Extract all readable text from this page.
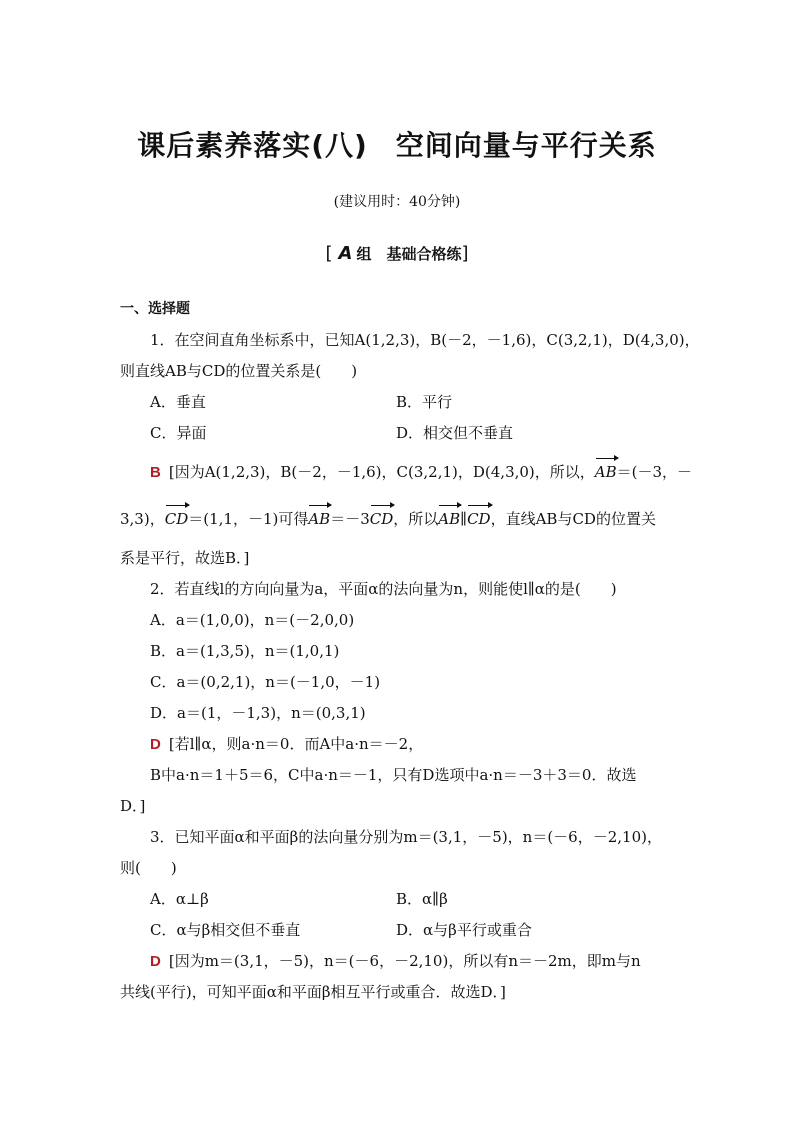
课后素养落实(八) 空间向量与平行关系
(建议用时：40分钟)
[ A 组　基础合格练]
一、选择题
1．在空间直角坐标系中，已知A(1,2,3)，B(－2，－1,6)，C(3,2,1)，D(4,3,0)，
则直线AB与CD的位置关系是(　　)
A．垂直	B．平行
C．异面	D．相交但不垂直
B [因为A(1,2,3)，B(－2，－1,6)，C(3,2,1)，D(4,3,0)，所以，AB＝(－3，－
3,3)，CD＝(1,1，－1)可得AB＝－3CD，所以AB∥CD，直线AB与CD的位置关
系是平行，故选B．]
2．若直线l的方向向量为a，平面α的法向量为n，则能使l∥α的是(　　)
A．a＝(1,0,0)，n＝(－2,0,0)
B．a＝(1,3,5)，n＝(1,0,1)
C．a＝(0,2,1)，n＝(－1,0，－1)
D．a＝(1，－1,3)，n＝(0,3,1)
D [若l∥α，则a·n＝0．而A中a·n＝－2，
B中a·n＝1＋5＝6，C中a·n＝－1，只有D选项中a·n＝－3＋3＝0．故选
D．]
3．已知平面α和平面β的法向量分别为m＝(3,1，－5)，n＝(－6，－2,10)，
则(　　)
A．α⊥β	B．α∥β
C．α与β相交但不垂直	D．α与β平行或重合
D [因为m＝(3,1，－5)，n＝(－6，－2,10)，所以有n＝－2m，即m与n
共线(平行)，可知平面α和平面β相互平行或重合．故选D．]
